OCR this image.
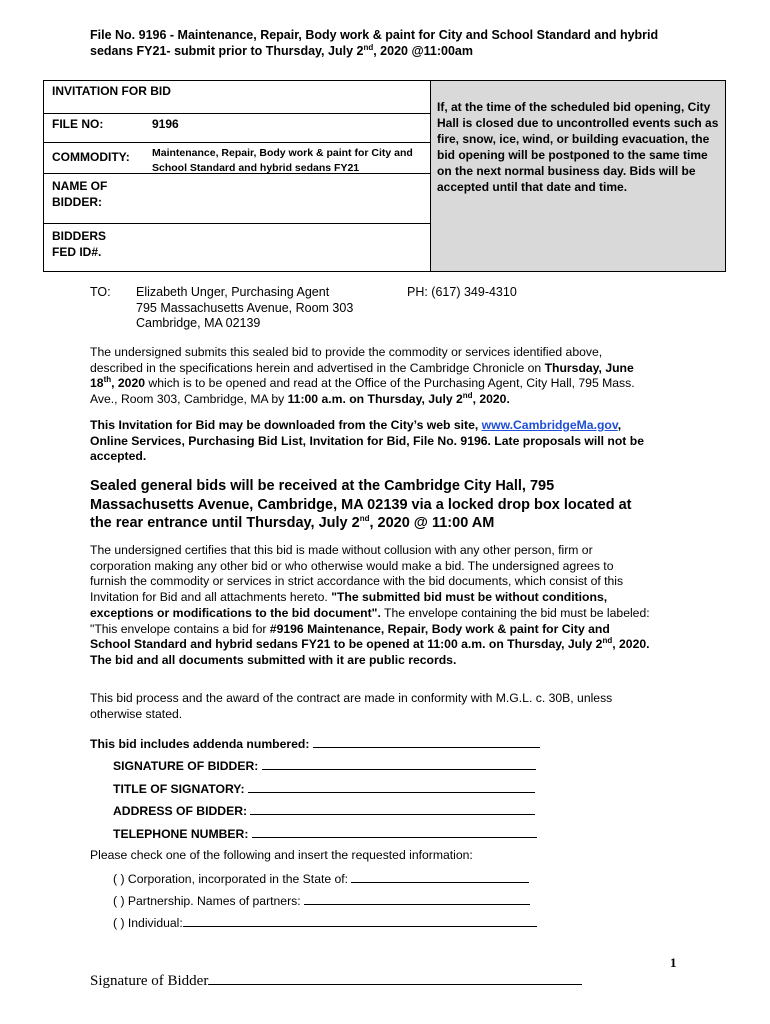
File No. 9196 - Maintenance, Repair, Body work & paint for City and School Standard and hybrid
sedans FY21- submit prior to Thursday, July 2nd, 2020 @11:00am
INVITATION FOR BID
FILE NO:	9196
COMMODITY: Maintenance, Repair, Body work & paint for City and School Standard and hybrid sedans FY21
NAME OF
BIDDER:
BIDDERS
FED ID#.
If, at the time of the scheduled bid opening, City Hall is closed due to uncontrolled events such as fire, snow, ice, wind, or building evacuation, the bid opening will be postponed to the same time on the next normal business day. Bids will be accepted until that date and time.
TO: Elizabeth Unger, Purchasing Agent
795 Massachusetts Avenue, Room 303
Cambridge, MA 02139
PH: (617) 349-4310
The undersigned submits this sealed bid to provide the commodity or services identified above, described in the specifications herein and advertised in the Cambridge Chronicle on Thursday, June 18th, 2020 which is to be opened and read at the Office of the Purchasing Agent, City Hall, 795 Mass. Ave., Room 303, Cambridge, MA by 11:00 a.m. on Thursday, July 2nd, 2020.
This Invitation for Bid may be downloaded from the City’s web site, www.CambridgeMa.gov, Online Services, Purchasing Bid List, Invitation for Bid, File No. 9196. Late proposals will not be accepted.
Sealed general bids will be received at the Cambridge City Hall, 795 Massachusetts Avenue, Cambridge, MA 02139 via a locked drop box located at the rear entrance until Thursday, July 2nd, 2020 @ 11:00 AM
The undersigned certifies that this bid is made without collusion with any other person, firm or corporation making any other bid or who otherwise would make a bid. The undersigned agrees to furnish the commodity or services in strict accordance with the bid documents, which consist of this Invitation for Bid and all attachments hereto. "The submitted bid must be without conditions, exceptions or modifications to the bid document". The envelope containing the bid must be labeled: "This envelope contains a bid for #9196 Maintenance, Repair, Body work & paint for City and School Standard and hybrid sedans FY21 to be opened at 11:00 a.m. on Thursday, July 2nd, 2020. The bid and all documents submitted with it are public records.
This bid process and the award of the contract are made in conformity with M.G.L. c. 30B, unless otherwise stated.
This bid includes addenda numbered:
SIGNATURE OF BIDDER:
TITLE OF SIGNATORY:
ADDRESS OF BIDDER:
TELEPHONE NUMBER:
Please check one of the following and insert the requested information:
( ) Corporation, incorporated in the State of:
( ) Partnership. Names of partners:
( ) Individual:
1
Signature of Bidder
